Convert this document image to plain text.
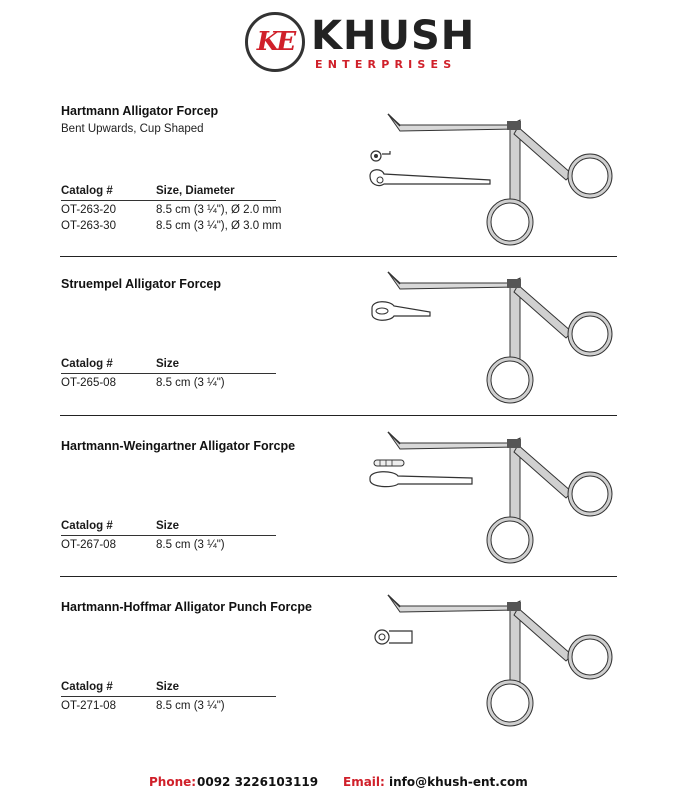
KE KHUSH
ENTERPRISES
Hartmann Alligator Forcep
Bent Upwards, Cup Shaped
Catalog #	Size, Diameter
OT-263-20	8.5 cm (3 ¼"), Ø 2.0 mm
OT-263-30	8.5 cm (3 ¼"), Ø 3.0 mm
Struempel Alligator Forcep
Catalog #	Size
OT-265-08	8.5 cm (3 ¼")
Hartmann-Weingartner Alligator Forcpe
Catalog #	Size
OT-267-08	8.5 cm (3 ¼")
Hartmann-Hoffmar Alligator Punch Forcpe
Catalog #	Size
OT-271-08	8.5 cm (3 ¼")
Phone: 0092 3226103119 Email: info@khush-ent.com
